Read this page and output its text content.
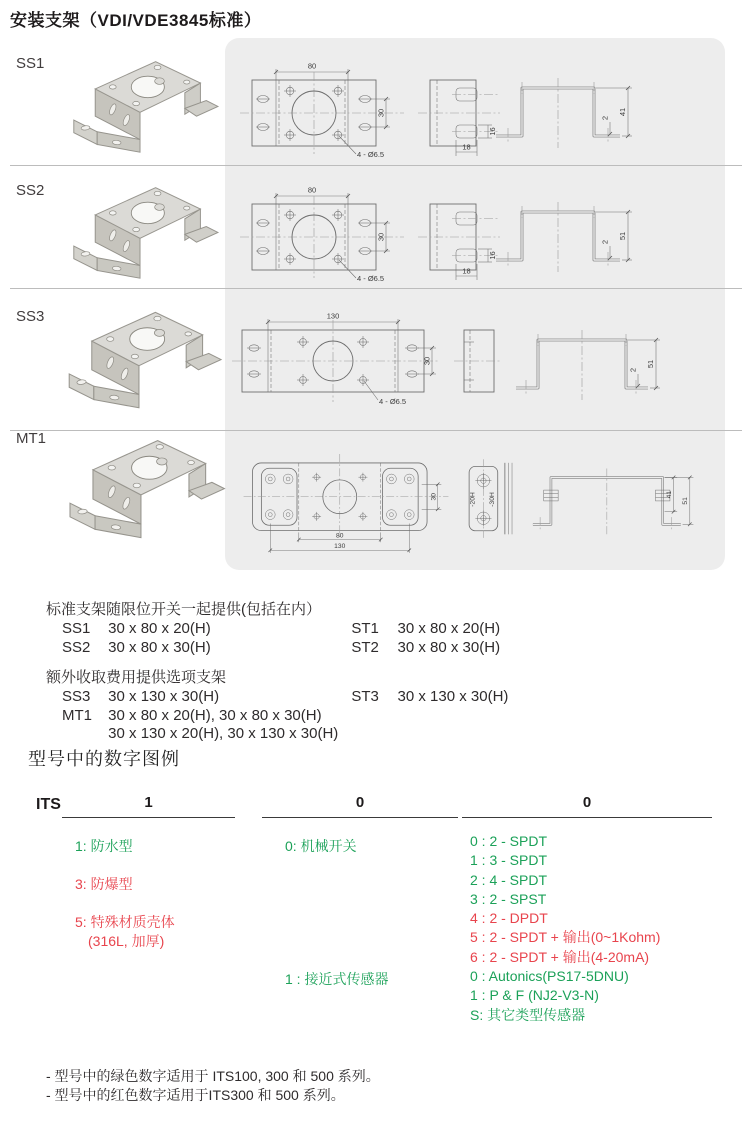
安装支架（VDI/VDE3845标准）
SS1	80
30
4 - Ø6.5
16
18
41
2
SS2	80
30
4 - Ø6.5
16
18
51
2
SS3	130
30
4 - Ø6.5
51
2
MT1
30
80
130
-20H -30H	41
51
标准支架随限位开关一起提供(包括在内）
SS1 30 x 80 x 20(H)	ST1 30 x 80 x 20(H)
SS2 30 x 80 x 30(H)	ST2 30 x 80 x 30(H)
额外收取费用提供选项支架
SS3 30 x 130 x 30(H)	ST3 30 x 130 x 30(H)
MT1 30 x 80 x 20(H), 30 x 80 x 30(H)
30 x 130 x 20(H), 30 x 130 x 30(H)
型号中的数字图例
ITS	1	0	0
1: 防水型
3: 防爆型
5: 特殊材质壳体
(316L, 加厚)
0: 机械开关
1 : 接近式传感器
0 : 2 - SPDT
1 : 3 - SPDT
2 : 4 - SPDT
3 : 2 - SPST
4 : 2 - DPDT
5 : 2 - SPDT + 输出(0~1Kohm)
6 : 2 - SPDT + 输出(4-20mA)
0 : Autonics(PS17-5DNU)
1 : P & F (NJ2-V3-N)
S: 其它类型传感器
- 型号中的绿色数字适用于 ITS100, 300 和 500 系列。
- 型号中的红色数字适用于ITS300 和 500 系列。
